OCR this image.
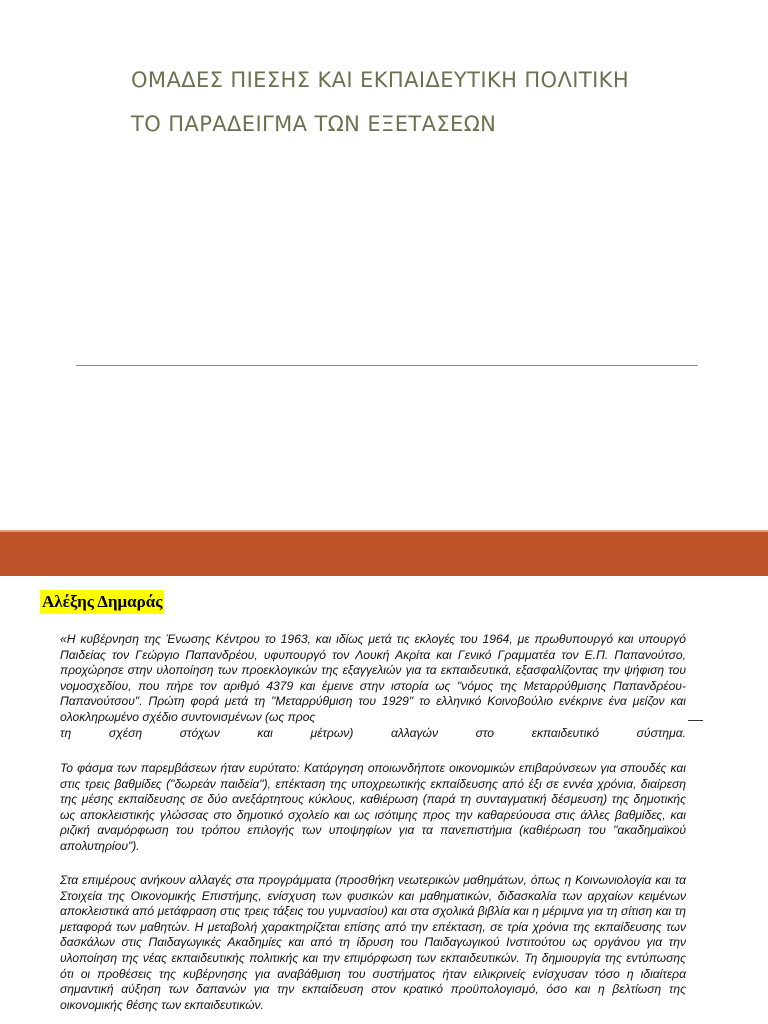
ΟΜΑΔΕΣ ΠΙΕΣΗΣ ΚΑΙ ΕΚΠΑΙΔΕΥΤΙΚΗ ΠΟΛΙΤΙΚΗ
ΤΟ ΠΑΡΑΔΕΙΓΜΑ ΤΩΝ ΕΞΕΤΑΣΕΩΝ
Αλέξης Δημαράς

«Η κυβέρνηση της Ένωσης Κέντρου το 1963, και ιδίως μετά τις εκλογές του 1964, με πρωθυπουργό και υπουργό Παιδείας τον Γεώργιο Παπανδρέου, υφυπουργό τον Λουκή Ακρίτα και Γενικό Γραμματέα τον Ε.Π. Παπανούτσο, προχώρησε στην υλοποίηση των προεκλογικών της εξαγγελιών για τα εκπαιδευτικά, εξασφαλίζοντας την ψήφιση του νομοσχεδίου, που πήρε τον αριθμό 4379 και έμεινε στην ιστορία ως "νόμος της Μεταρρύθμισης Παπανδρέου-Παπανούτσου". Πρώτη φορά μετά τη "Μεταρρύθμιση του 1929" το ελληνικό Κοινοβούλιο ενέκρινε ένα μείζον και ολοκληρωμένο σχέδιο συντονισμένων (ως προς
τη σχέση στόχων και μέτρων) αλλαγών στο εκπαιδευτικό σύστημα.

Το φάσμα των παρεμβάσεων ήταν ευρύτατο: Κατάργηση οποιωνδήποτε οικονομικών επιβαρύνσεων για σπουδές και στις τρεις βαθμίδες ("δωρεάν παιδεία"), επέκταση της υποχρεωτικής εκπαίδευσης από έξι σε εννέα χρόνια, διαίρεση της μέσης εκπαίδευσης σε δύο ανεξάρτητους κύκλους, καθιέρωση (παρά τη συνταγματική δέσμευση) της δημοτικής ως αποκλειστικής γλώσσας στο δημοτικό σχολείο και ως ισότιμης προς την καθαρεύουσα στις άλλες βαθμίδες, και ριζική αναμόρφωση του τρόπου επιλογής των υποψηφίων για τα πανεπιστήμια (καθιέρωση του "ακαδημαϊκού απολυτηρίου").

Στα επιμέρους ανήκουν αλλαγές στα προγράμματα (προσθήκη νεωτερικών μαθημάτων, όπως η Κοινωνιολογία και τα Στοιχεία της Οικονομικής Επιστήμης, ενίσχυση των φυσικών και μαθηματικών, διδασκαλία των αρχαίων κειμένων αποκλειστικά από μετάφραση στις τρεις τάξεις του γυμνασίου) και στα σχολικά βιβλία και η μέριμνα για τη σίτιση και τη μεταφορά των μαθητών. Η μεταβολή χαρακτηρίζεται επίσης από την επέκταση, σε τρία χρόνια της εκπαίδευσης των δασκάλων στις Παιδαγωγικές Ακαδημίες και από τη ίδρυση του Παιδαγωγικού Ινστιτούτου ως οργάνου για την υλοποίηση της νέας εκπαιδευτικής πολιτικής και την επιμόρφωση των εκπαιδευτικών. Τη δημιουργία της εντύπωσης ότι οι προθέσεις της κυβέρνησης για αναβάθμιση του συστήματος ήταν ειλικρινείς ενίσχυσαν τόσο η ιδιαίτερα σημαντική αύξηση των δαπανών για την εκπαίδευση στον κρατικό προϋπολογισμό, όσο και η βελτίωση της οικονομικής θέσης των εκπαιδευτικών.
